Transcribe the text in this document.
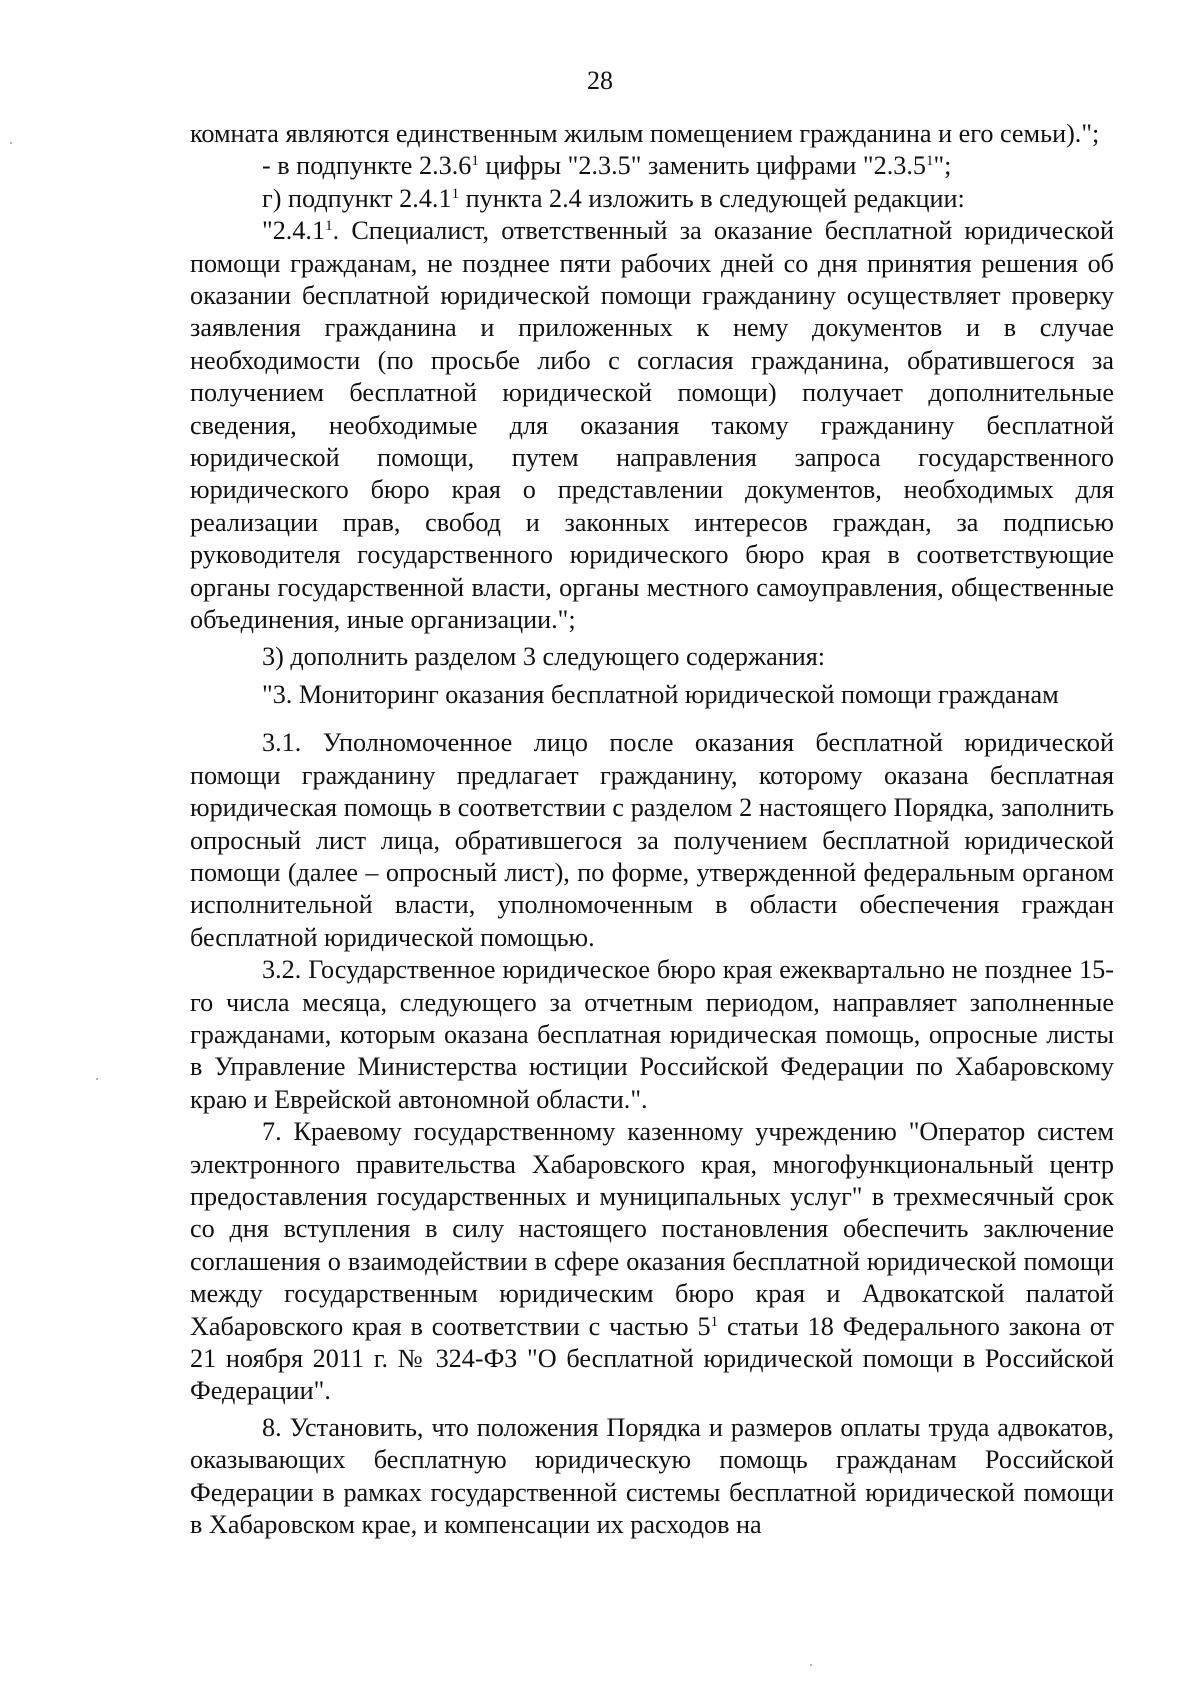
28

комната являются единственным жилым помещением гражданина и его семьи).";

- в подпункте 2.3.6$^1$ цифры "2.3.5" заменить цифрами "2.3.5$^1$";

г) подпункт 2.4.1$^1$ пункта 2.4 изложить в следующей редакции:

"2.4.1$^1$. Специалист, ответственный за оказание бесплатной юридической помощи гражданам, не позднее пяти рабочих дней со дня принятия решения об оказании бесплатной юридической помощи гражданину осуществляет проверку заявления гражданина и приложенных к нему документов и в случае необходимости (по просьбе либо с согласия гражданина, обратившегося за получением бесплатной юридической помощи) получает дополнительные сведения, необходимые для оказания такому гражданину бесплатной юридической помощи, путем направления запроса государственного юридического бюро края о представлении документов, необходимых для реализации прав, свобод и законных интересов граждан, за подписью руководителя государственного юридического бюро края в соответствующие органы государственной власти, органы местного самоуправления, общественные объединения, иные организации.";

3) дополнить разделом 3 следующего содержания:

"3. Мониторинг оказания бесплатной юридической помощи гражданам

3.1. Уполномоченное лицо после оказания бесплатной юридической помощи гражданину предлагает гражданину, которому оказана бесплатная юридическая помощь в соответствии с разделом 2 настоящего Порядка, заполнить опросный лист лица, обратившегося за получением бесплатной юридической помощи (далее – опросный лист), по форме, утвержденной федеральным органом исполнительной власти, уполномоченным в области обеспечения граждан бесплатной юридической помощью.

3.2. Государственное юридическое бюро края ежеквартально не позднее 15-го числа месяца, следующего за отчетным периодом, направляет заполненные гражданами, которым оказана бесплатная юридическая помощь, опросные листы в Управление Министерства юстиции Российской Федерации по Хабаровскому краю и Еврейской автономной области.".

7. Краевому государственному казенному учреждению "Оператор систем электронного правительства Хабаровского края, многофункциональный центр предоставления государственных и муниципальных услуг" в трехмесячный срок со дня вступления в силу настоящего постановления обеспечить заключение соглашения о взаимодействии в сфере оказания бесплатной юридической помощи между государственным юридическим бюро края и Адвокатской палатой Хабаровского края в соответствии с частью $5^1$ статьи 18 Федерального закона от 21 ноября 2011 г. № 324-ФЗ "О бесплатной юридической помощи в Российской Федерации".

8. Установить, что положения Порядка и размеров оплаты труда адвокатов, оказывающих бесплатную юридическую помощь гражданам Российской Федерации в рамках государственной системы бесплатной юридической помощи в Хабаровском крае, и компенсации их расходов на
